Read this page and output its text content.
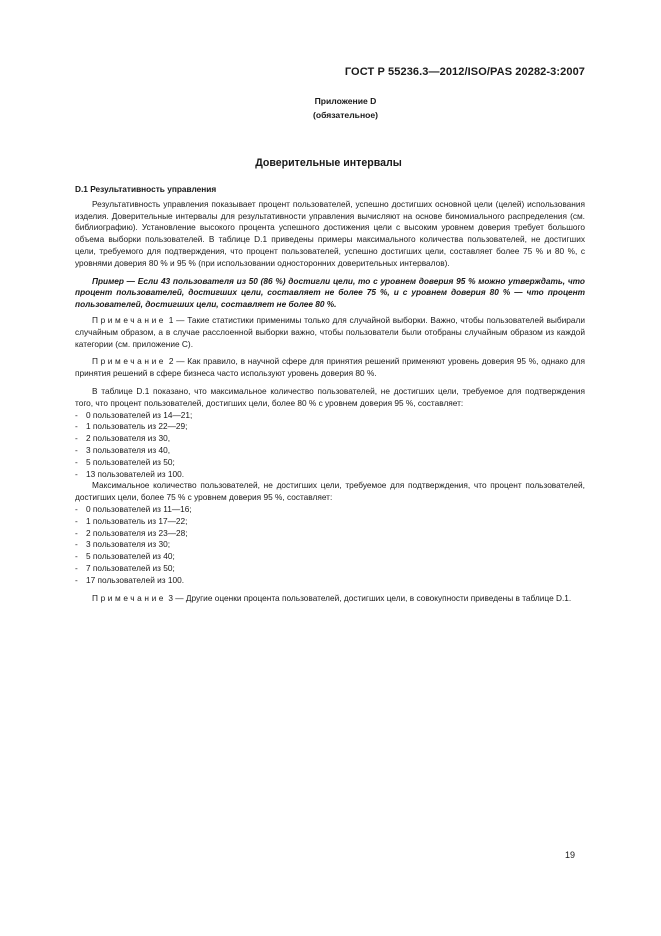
ГОСТ Р 55236.3—2012/ISO/PAS 20282-3:2007
Приложение D
(обязательное)
Доверительные интервалы

D.1 Результативность управления

Результативность управления показывает процент пользователей, успешно достигших основной цели (целей) использования изделия. Доверительные интервалы для результативности управления вычисляют на основе биномиального распределения (см. библиографию). Установление высокого процента успешного достижения цели с высоким уровнем доверия требует большого объема выборки пользователей. В таблице D.1 приведены примеры максимального количества пользователей, не достигших цели, требуемого для подтверждения, что процент пользователей, успешно достигших цели, составляет более 75 % и 80 %, с уровнями доверия 80 % и 95 % (при использовании односторонних доверительных интервалов).

Пример — Если 43 пользователя из 50 (86 %) достигли цели, то с уровнем доверия 95 % можно утверждать, что процент пользователей, достигших цели, составляет не более 75 %, и с уровнем доверия 80 % — что процент пользователей, достигших цели, составляет не более 80 %.

Примечание 1 — Такие статистики применимы только для случайной выборки. Важно, чтобы пользователей выбирали случайным образом, а в случае расслоенной выборки важно, чтобы пользователи были отобраны случайным образом из каждой категории (см. приложение С).

Примечание 2 — Как правило, в научной сфере для принятия решений применяют уровень доверия 95 %, однако для принятия решений в сфере бизнеса часто используют уровень доверия 80 %.

В таблице D.1 показано, что максимальное количество пользователей, не достигших цели, требуемое для подтверждения того, что процент пользователей, достигших цели, более 80 % с уровнем доверия 95 %, составляет:

- 0 пользователей из 14—21;
- 1 пользователь из 22—29;
- 2 пользователя из 30,
- 3 пользователя из 40,
- 5 пользователей из 50;
- 13 пользователей из 100.

Максимальное количество пользователей, не достигших цели, требуемое для подтверждения, что процент пользователей, достигших цели, более 75 % с уровнем доверия 95 %, составляет:

- 0 пользователей из 11—16;
- 1 пользователь из 17—22;
- 2 пользователя из 23—28;
- 3 пользователя из 30;
- 5 пользователей из 40;
- 7 пользователей из 50;
- 17 пользователей из 100.

Примечание 3 — Другие оценки процента пользователей, достигших цели, в совокупности приведены в таблице D.1.

19
